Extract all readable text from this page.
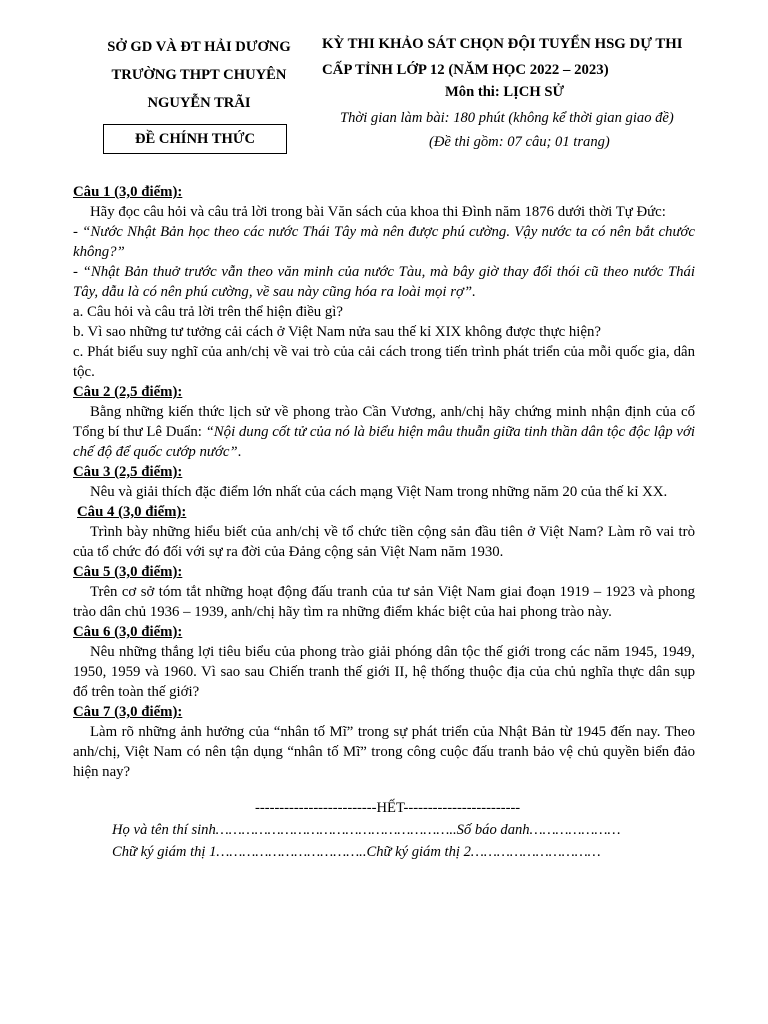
SỞ GD VÀ ĐT HẢI DƯƠNG
TRƯỜNG THPT CHUYÊN
NGUYỄN TRÃI
ĐỀ CHÍNH THỨC
KỲ THI KHẢO SÁT CHỌN ĐỘI TUYỂN HSG DỰ THI
CẤP TỈNH LỚP 12 (NĂM HỌC 2022 – 2023)
Môn thi: LỊCH SỬ
Thời gian làm bài: 180 phút (không kể thời gian giao đề)
(Đề thi gồm: 07 câu; 01 trang)

Câu 1 (3,0 điểm):

Hãy đọc câu hỏi và câu trả lời trong bài Văn sách của khoa thi Đình năm 1876 dưới thời Tự Đức:

- “Nước Nhật Bản học theo các nước Thái Tây mà nên được phú cường. Vậy nước ta có nên bắt chước không?”

- “Nhật Bản thuở trước vẫn theo văn minh của nước Tàu, mà bây giờ thay đổi thói cũ theo nước Thái Tây, dẫu là có nên phú cường, về sau này cũng hóa ra loài mọi rợ”.

a. Câu hỏi và câu trả lời trên thể hiện điều gì?

b. Vì sao những tư tưởng cải cách ở Việt Nam nửa sau thế kỉ XIX không được thực hiện?

c. Phát biểu suy nghĩ của anh/chị về vai trò của cải cách trong tiến trình phát triển của mỗi quốc gia, dân tộc.

Câu 2 (2,5 điểm):

Bằng những kiến thức lịch sử về phong trào Cần Vương, anh/chị hãy chứng minh nhận định của cố Tổng bí thư Lê Duẩn: “Nội dung cốt tử của nó là biểu hiện mâu thuẫn giữa tinh thần dân tộc độc lập với chế độ để quốc cướp nước”.

Câu 3 (2,5 điểm):

Nêu và giải thích đặc điểm lớn nhất của cách mạng Việt Nam trong những năm 20 của thế kỉ XX.

Câu 4 (3,0 điểm):

Trình bày những hiểu biết của anh/chị về tổ chức tiền cộng sản đầu tiên ở Việt Nam? Làm rõ vai trò của tổ chức đó đối với sự ra đời của Đảng cộng sản Việt Nam năm 1930.

Câu 5 (3,0 điểm):

Trên cơ sở tóm tắt những hoạt động đấu tranh của tư sản Việt Nam giai đoạn 1919 – 1923 và phong trào dân chủ 1936 – 1939, anh/chị hãy tìm ra những điểm khác biệt của hai phong trào này.

Câu 6 (3,0 điểm):

Nêu những thắng lợi tiêu biểu của phong trào giải phóng dân tộc thế giới trong các năm 1945, 1949, 1950, 1959 và 1960. Vì sao sau Chiến tranh thế giới II, hệ thống thuộc địa của chủ nghĩa thực dân sụp đổ trên toàn thế giới?

Câu 7 (3,0 điểm):

Làm rõ những ảnh hưởng của “nhân tố Mĩ” trong sự phát triển của Nhật Bản từ 1945 đến nay. Theo anh/chị, Việt Nam có nên tận dụng “nhân tố Mĩ” trong công cuộc đấu tranh bảo vệ chủ quyền biển đảo hiện nay?

-------------------------HẾT------------------------
Họ và tên thí sinh………………………………………………..Số báo danh…………………
Chữ ký giám thị 1……………………………..Chữ ký giám thị 2…………………………
